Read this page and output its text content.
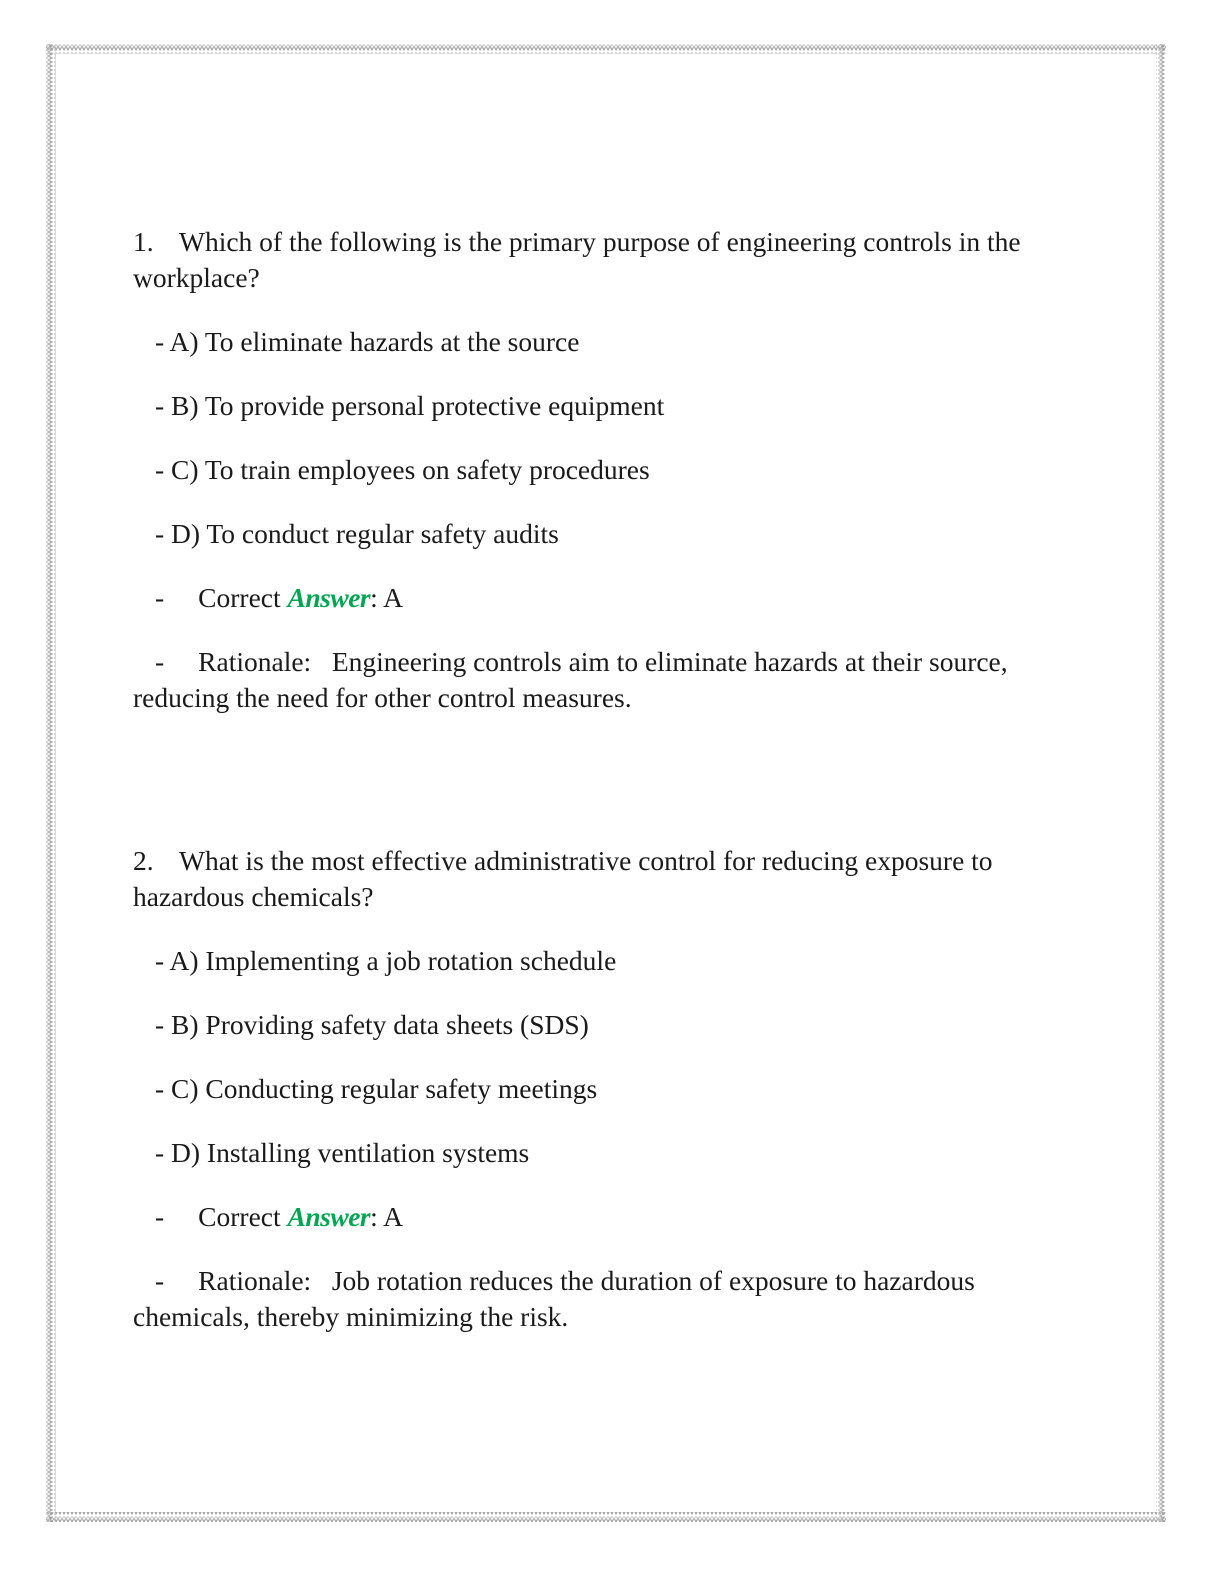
1. Which of the following is the primary purpose of engineering controls in the workplace?

- A) To eliminate hazards at the source

- B) To provide personal protective equipment

- C) To train employees on safety procedures

- D) To conduct regular safety audits

- Correct Answer: A

- Rationale: Engineering controls aim to eliminate hazards at their source, reducing the need for other control measures.

2. What is the most effective administrative control for reducing exposure to hazardous chemicals?

- A) Implementing a job rotation schedule

- B) Providing safety data sheets (SDS)

- C) Conducting regular safety meetings

- D) Installing ventilation systems

- Correct Answer: A

- Rationale: Job rotation reduces the duration of exposure to hazardous chemicals, thereby minimizing the risk.
